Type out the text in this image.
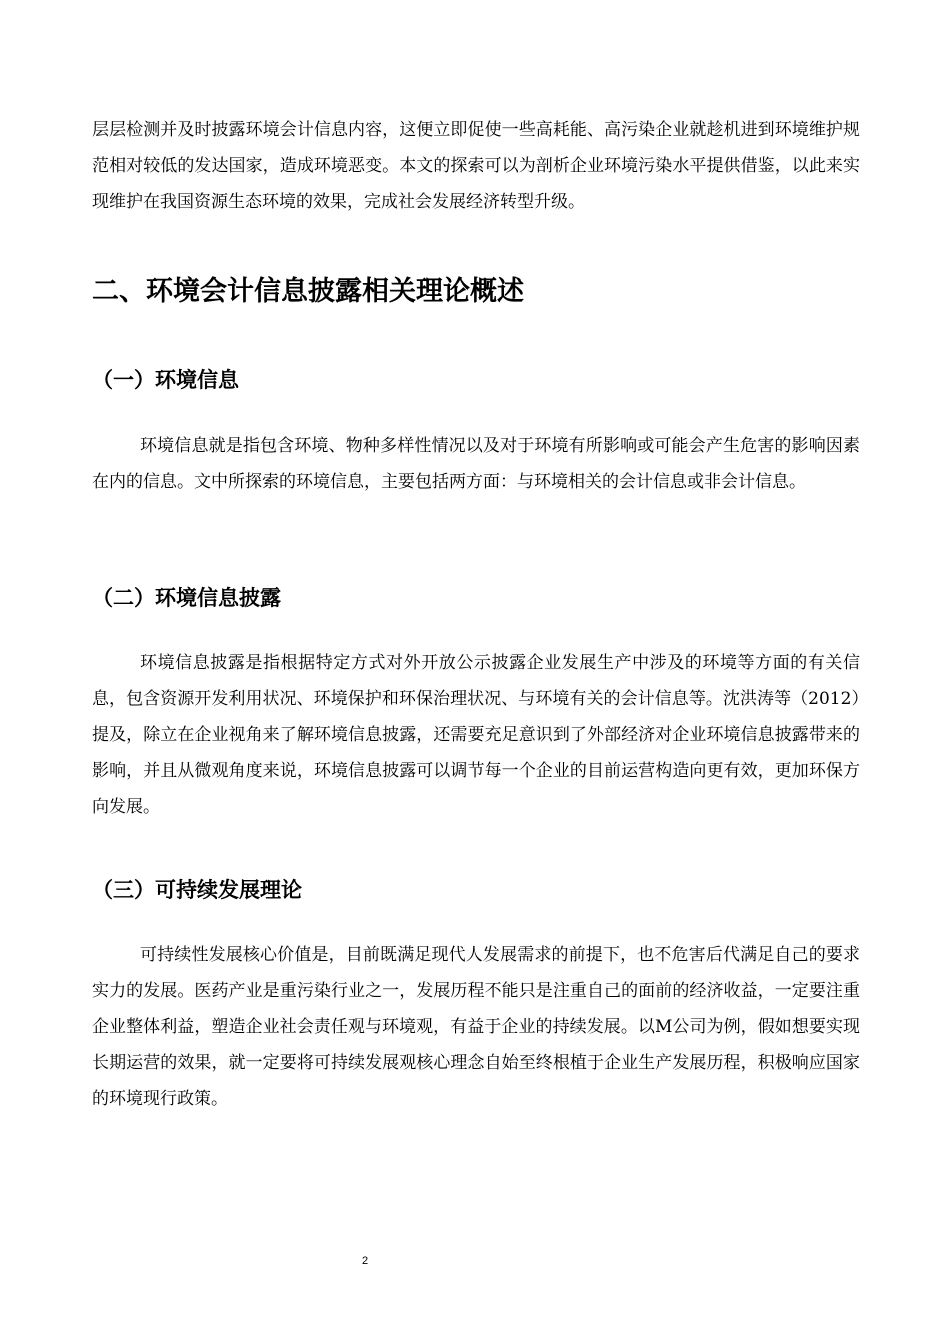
层层检测并及时披露环境会计信息内容，这便立即促使一些高耗能、高污染企业就趁机进到环境维护规范相对较低的发达国家，造成环境恶变。本文的探索可以为剖析企业环境污染水平提供借鉴，以此来实现维护在我国资源生态环境的效果，完成社会发展经济转型升级。

二、环境会计信息披露相关理论概述
（一）环境信息

环境信息就是指包含环境、物种多样性情况以及对于环境有所影响或可能会产生危害的影响因素在内的信息。文中所探索的环境信息，主要包括两方面：与环境相关的会计信息或非会计信息。

（二）环境信息披露

环境信息披露是指根据特定方式对外开放公示披露企业发展生产中涉及的环境等方面的有关信息，包含资源开发利用状况、环境保护和环保治理状况、与环境有关的会计信息等。沈洪涛等（2012）提及，除立在企业视角来了解环境信息披露，还需要充足意识到了外部经济对企业环境信息披露带来的影响，并且从微观角度来说，环境信息披露可以调节每一个企业的目前运营构造向更有效，更加环保方向发展。

（三）可持续发展理论

可持续性发展核心价值是，目前既满足现代人发展需求的前提下，也不危害后代满足自己的要求实力的发展。医药产业是重污染行业之一，发展历程不能只是注重自己的面前的经济收益，一定要注重企业整体利益，塑造企业社会责任观与环境观，有益于企业的持续发展。以M公司为例，假如想要实现长期运营的效果，就一定要将可持续发展观核心理念自始至终根植于企业生产发展历程，积极响应国家的环境现行政策。

2
